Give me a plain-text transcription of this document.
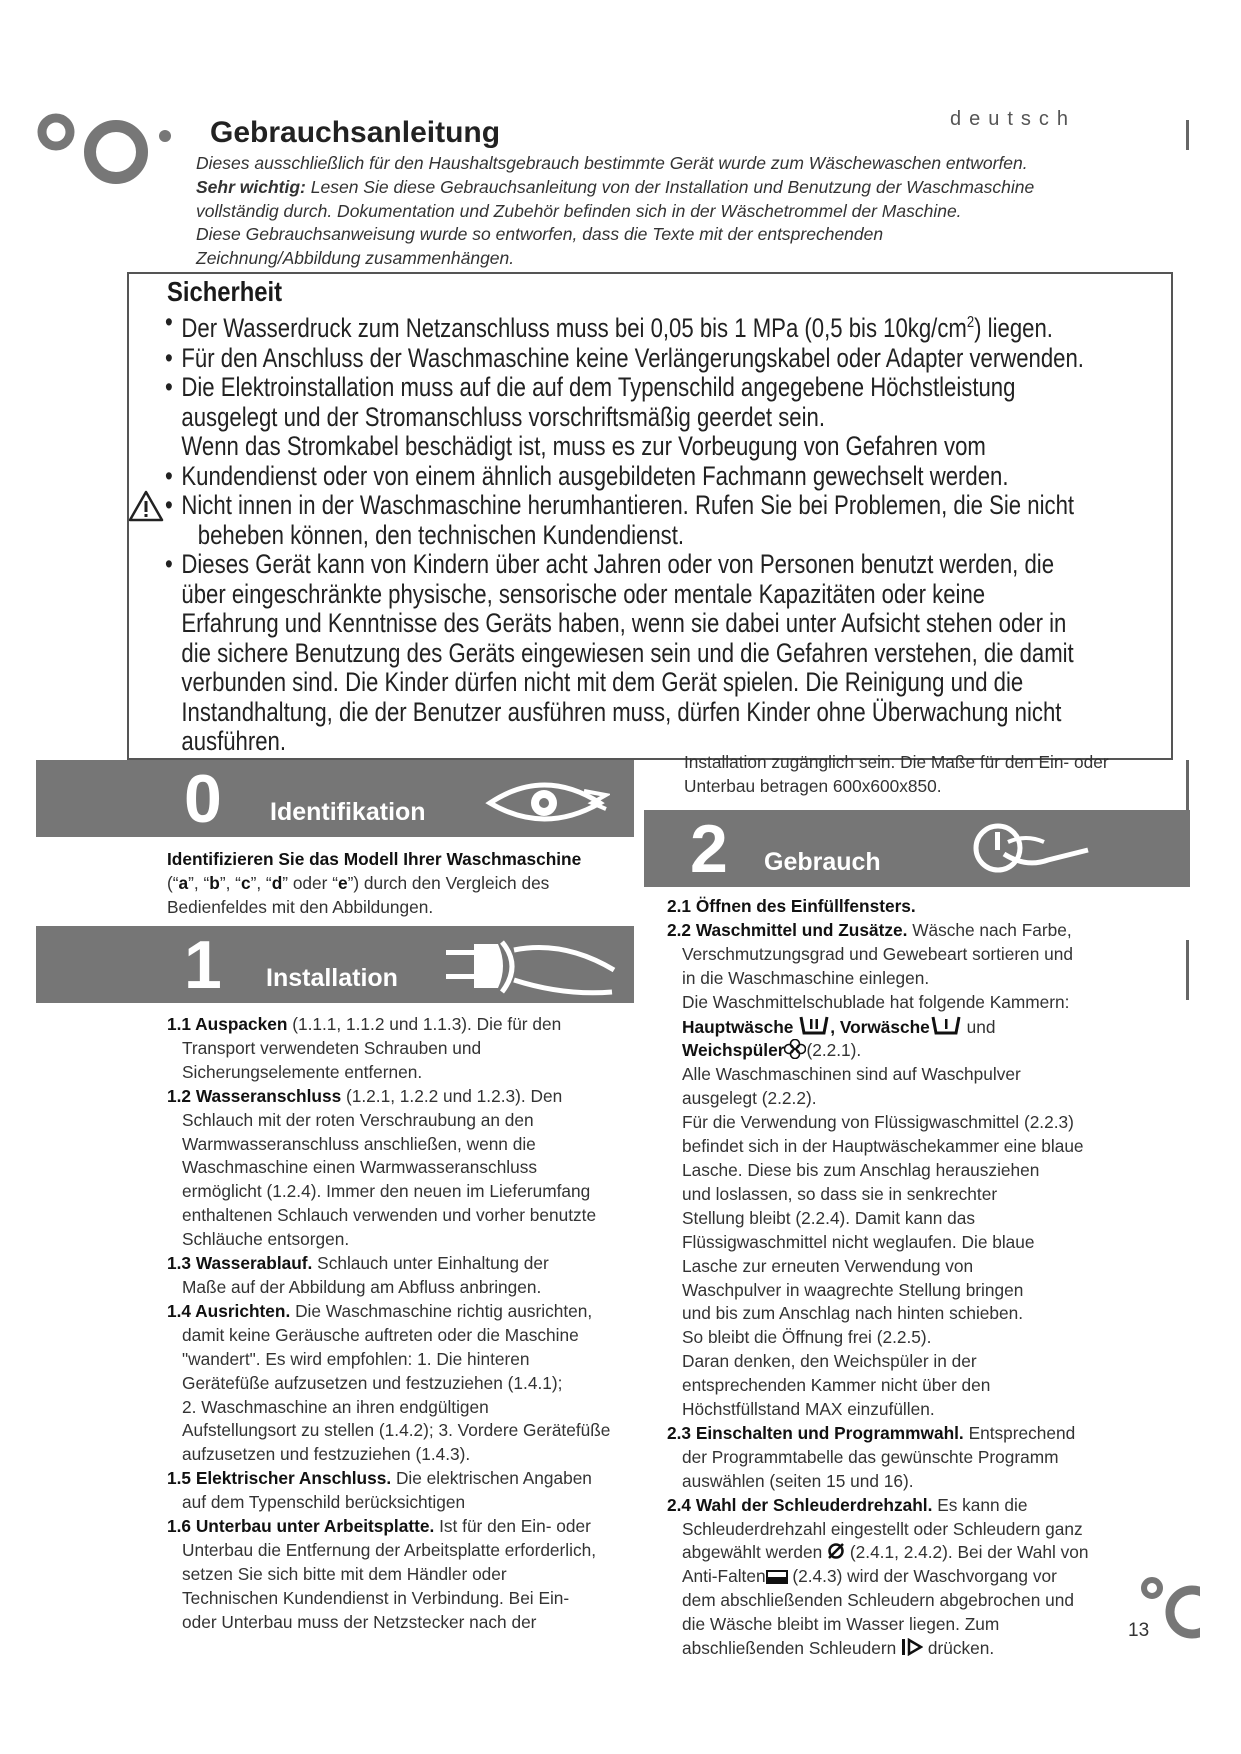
deutsch
Gebrauchsanleitung

Dieses ausschließlich für den Haushaltsgebrauch bestimmte Gerät wurde zum Wäschewaschen entworfen.

Sehr wichtig: Lesen Sie diese Gebrauchsanleitung von der Installation und Benutzung der Waschmaschine

vollständig durch. Dokumentation und Zubehör befinden sich in der Wäschetrommel der Maschine.

Diese Gebrauchsanweisung wurde so entworfen, dass die Texte mit der entsprechenden

Zeichnung/Abbildung zusammenhängen.

Sicherheit

• Der Wasserdruck zum Netzanschluss muss bei 0,05 bis 1 MPa (0,5 bis $10kg/cm^2$) liegen.

• Für den Anschluss der Waschmaschine keine Verlängerungskabel oder Adapter verwenden.

• Die Elektroinstallation muss auf die auf dem Typenschild angegebene Höchstleistung

ausgelegt und der Stromanschluss vorschriftsmäßig geerdet sein.

Wenn das Stromkabel beschädigt ist, muss es zur Vorbeugung von Gefahren vom

• Kundendienst oder von einem ähnlich ausgebildeten Fachmann gewechselt werden.

• Nicht innen in der Waschmaschine herumhantieren. Rufen Sie bei Problemen, die Sie nicht

beheben können, den technischen Kundendienst.

• Dieses Gerät kann von Kindern über acht Jahren oder von Personen benutzt werden, die

über eingeschränkte physische, sensorische oder mentale Kapazitäten oder keine

Erfahrung und Kenntnisse des Geräts haben, wenn sie dabei unter Aufsicht stehen oder in

die sichere Benutzung des Geräts eingewiesen sein und die Gefahren verstehen, die damit

verbunden sind. Die Kinder dürfen nicht mit dem Gerät spielen. Die Reinigung und die

Instandhaltung, die der Benutzer ausführen muss, dürfen Kinder ohne Überwachung nicht

ausführen.

0 Identifikation

Identifizieren Sie das Modell Ihrer Waschmaschine

(“a”, “b”, “c”, “d” oder “e”) durch den Vergleich des

Bedienfeldes mit den Abbildungen.

1 Installation

1.1 Auspacken (1.1.1, 1.1.2 und 1.1.3). Die für den

Transport verwendeten Schrauben und

Sicherungselemente entfernen.

1.2 Wasseranschluss (1.2.1, 1.2.2 und 1.2.3). Den

Schlauch mit der roten Verschraubung an den

Warmwasseranschluss anschließen, wenn die

Waschmaschine einen Warmwasseranschluss

ermöglicht (1.2.4). Immer den neuen im Lieferumfang

enthaltenen Schlauch verwenden und vorher benutzte

Schläuche entsorgen.

1.3 Wasserablauf. Schlauch unter Einhaltung der

Maße auf der Abbildung am Abfluss anbringen.

1.4 Ausrichten. Die Waschmaschine richtig ausrichten,

damit keine Geräusche auftreten oder die Maschine

"wandert". Es wird empfohlen: 1. Die hinteren

Gerätefüße aufzusetzen und festzuziehen (1.4.1);

2. Waschmaschine an ihren endgültigen

Aufstellungsort zu stellen (1.4.2); 3. Vordere Gerätefüße

aufzusetzen und festzuziehen (1.4.3).

1.5 Elektrischer Anschluss. Die elektrischen Angaben

auf dem Typenschild berücksichtigen

1.6 Unterbau unter Arbeitsplatte. Ist für den Ein- oder

Unterbau die Entfernung der Arbeitsplatte erforderlich,

setzen Sie sich bitte mit dem Händler oder

Technischen Kundendienst in Verbindung. Bei Ein-

oder Unterbau muss der Netzstecker nach der

Installation zugänglich sein. Die Maße für den Ein- oder

Unterbau betragen 600x600x850.

2 Gebrauch

2.1 Öffnen des Einfüllfensters.

2.2 Waschmittel und Zusätze. Wäsche nach Farbe,

Verschmutzungsgrad und Gewebeart sortieren und

in die Waschmaschine einlegen.

Die Waschmittelschublade hat folgende Kammern:

Hauptwäsche , Vorwäsche und

Weichspüler (2.2.1).

Alle Waschmaschinen sind auf Waschpulver

ausgelegt (2.2.2).

Für die Verwendung von Flüssigwaschmittel (2.2.3)

befindet sich in der Hauptwäschekammer eine blaue

Lasche. Diese bis zum Anschlag herausziehen

und loslassen, so dass sie in senkrechter

Stellung bleibt (2.2.4). Damit kann das

Flüssigwaschmittel nicht weglaufen. Die blaue

Lasche zur erneuten Verwendung von

Waschpulver in waagrechte Stellung bringen

und bis zum Anschlag nach hinten schieben.

So bleibt die Öffnung frei (2.2.5).

Daran denken, den Weichspüler in der

entsprechenden Kammer nicht über den

Höchstfüllstand MAX einzufüllen.

2.3 Einschalten und Programmwahl. Entsprechend

der Programmtabelle das gewünschte Programm

auswählen (seiten 15 und 16).

2.4 Wahl der Schleuderdrehzahl. Es kann die

Schleuderdrehzahl eingestellt oder Schleudern ganz

abgewählt werden (2.4.1, 2.4.2). Bei der Wahl von

Anti-Falten (2.4.3) wird der Waschvorgang vor

dem abschließenden Schleudern abgebrochen und

die Wäsche bleibt im Wasser liegen. Zum

abschließenden Schleudern drücken.

13
